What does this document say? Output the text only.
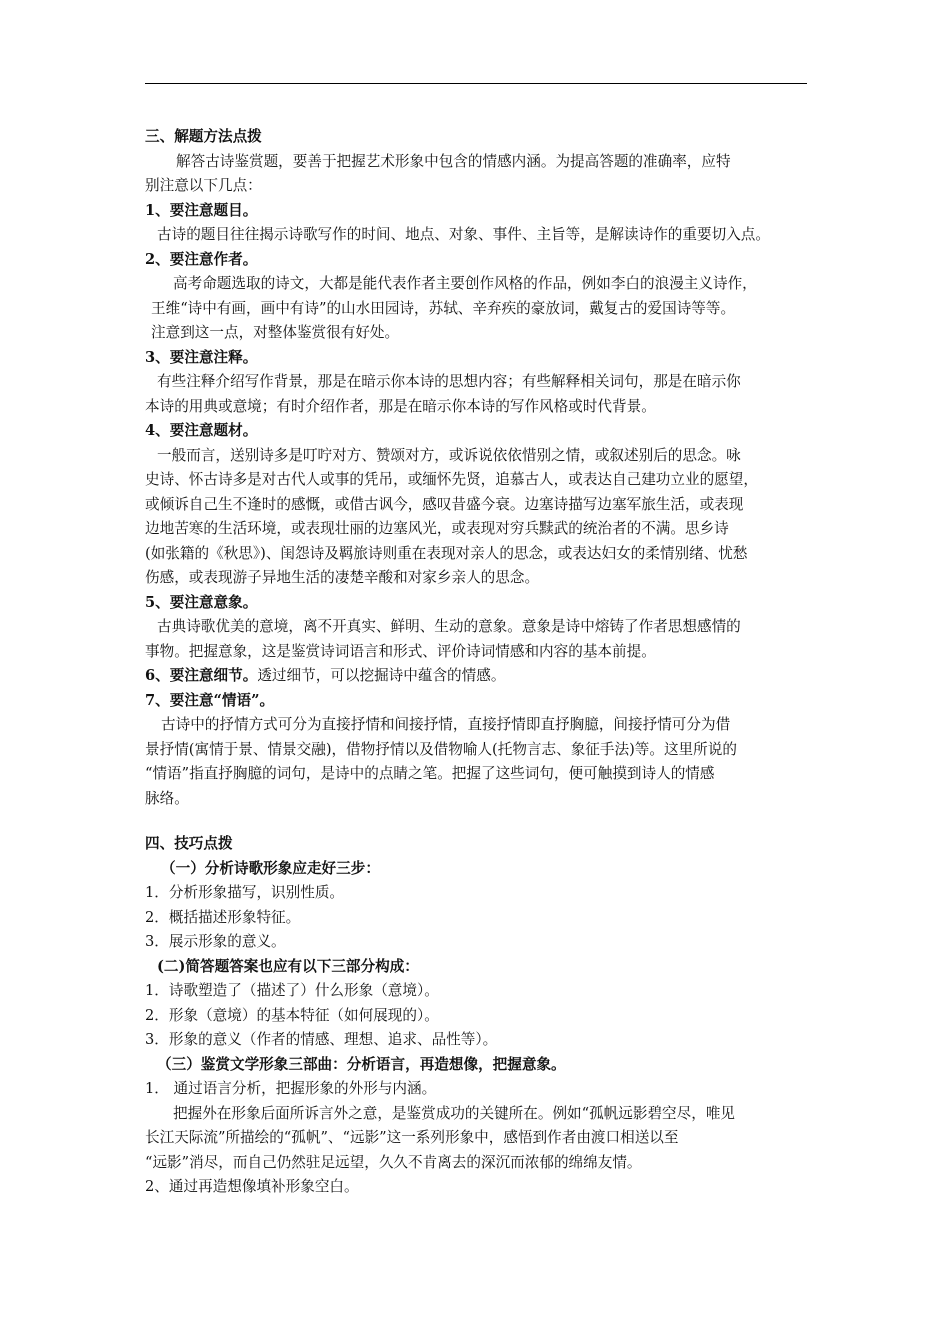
三、解题方法点拨
解答古诗鉴赏题，要善于把握艺术形象中包含的情感内涵。为提高答题的准确率，应特
别注意以下几点：
1、要注意题目。
古诗的题目往往揭示诗歌写作的时间、地点、对象、事件、主旨等，是解读诗作的重要切入点。
2、要注意作者。
高考命题选取的诗文，大都是能代表作者主要创作风格的作品，例如李白的浪漫主义诗作，
王维“诗中有画，画中有诗”的山水田园诗，苏轼、辛弃疾的豪放词，戴复古的爱国诗等等。
注意到这一点，对整体鉴赏很有好处。
3、要注意注释。
有些注释介绍写作背景，那是在暗示你本诗的思想内容；有些解释相关词句，那是在暗示你
本诗的用典或意境；有时介绍作者，那是在暗示你本诗的写作风格或时代背景。
4、要注意题材。
一般而言，送别诗多是叮咛对方、赞颂对方，或诉说依依惜别之情，或叙述别后的思念。咏
史诗、怀古诗多是对古代人或事的凭吊，或缅怀先贤，追慕古人，或表达自己建功立业的愿望，
或倾诉自己生不逢时的感慨，或借古讽今，感叹昔盛今衰。边塞诗描写边塞军旅生活，或表现
边地苦寒的生活环境，或表现壮丽的边塞风光，或表现对穷兵黩武的统治者的不满。思乡诗
(如张籍的《秋思》)、闺怨诗及羁旅诗则重在表现对亲人的思念，或表达妇女的柔情别绪、忧愁
伤感，或表现游子异地生活的凄楚辛酸和对家乡亲人的思念。
5、要注意意象。
古典诗歌优美的意境，离不开真实、鲜明、生动的意象。意象是诗中熔铸了作者思想感情的
事物。把握意象，这是鉴赏诗词语言和形式、评价诗词情感和内容的基本前提。
6、要注意细节。透过细节，可以挖掘诗中蕴含的情感。
7、要注意“情语”。
古诗中的抒情方式可分为直接抒情和间接抒情，直接抒情即直抒胸臆，间接抒情可分为借
景抒情(寓情于景、情景交融)，借物抒情以及借物喻人(托物言志、象征手法)等。这里所说的
“情语”指直抒胸臆的词句，是诗中的点睛之笔。把握了这些词句，便可触摸到诗人的情感
脉络。
四、技巧点拨
（一）分析诗歌形象应走好三步：
1．分析形象描写，识别性质。
2．概括描述形象特征。
3．展示形象的意义。
(二)简答题答案也应有以下三部分构成：
1．诗歌塑造了（描述了）什么形象（意境）。
2．形象（意境）的基本特征（如何展现的）。
3．形象的意义（作者的情感、理想、追求、品性等）。
（三）鉴赏文学形象三部曲：分析语言，再造想像，把握意象。
1． 通过语言分析，把握形象的外形与内涵。
把握外在形象后面所诉言外之意，是鉴赏成功的关键所在。例如“孤帆远影碧空尽，唯见
长江天际流”所描绘的“孤帆”、“远影”这一系列形象中，感悟到作者由渡口相送以至
“远影”消尽，而自己仍然驻足远望，久久不肯离去的深沉而浓郁的绵绵友情。
2、通过再造想像填补形象空白。
